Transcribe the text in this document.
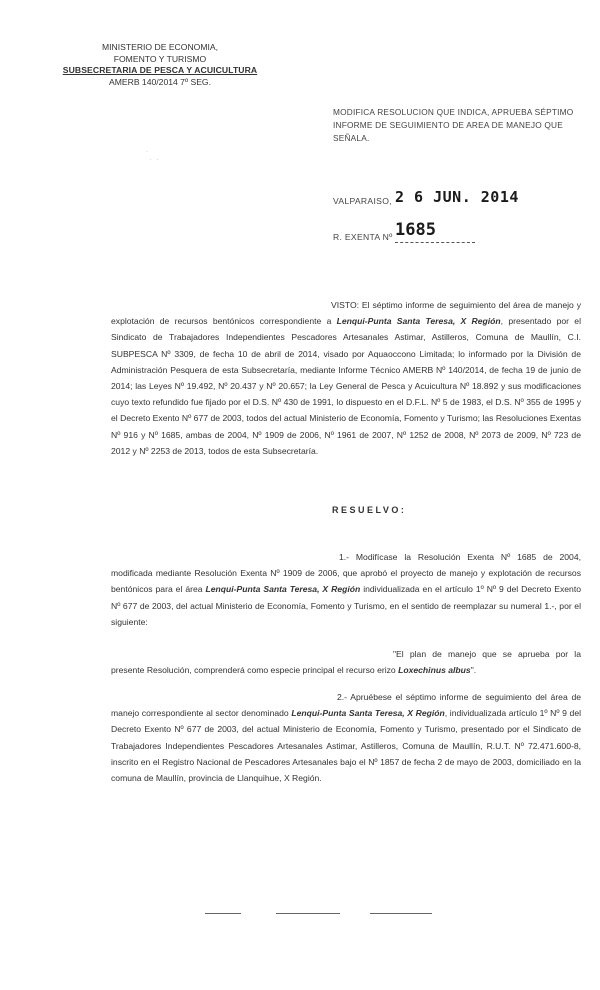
MINISTERIO DE ECONOMIA,
FOMENTO Y TURISMO
SUBSECRETARIA DE PESCA Y ACUICULTURA
AMERB 140/2014 7º SEG.
·
·   ·
MODIFICA RESOLUCION QUE INDICA, APRUEBA SÉPTIMO INFORME DE SEGUIMIENTO DE AREA DE MANEJO QUE SEÑALA.
VALPARAISO, 2 6 JUN. 2014
R. EXENTA Nº 1685
VISTO: El séptimo informe de seguimiento del área de manejo y explotación de recursos bentónicos correspondiente a Lenqui-Punta Santa Teresa, X Región, presentado por el Sindicato de Trabajadores Independientes Pescadores Artesanales Astimar, Astilleros, Comuna de Maullín, C.I. SUBPESCA Nº 3309, de fecha 10 de abril de 2014, visado por Aquaoccono Limitada; lo informado por la División de Administración Pesquera de esta Subsecretaría, mediante Informe Técnico AMERB Nº 140/2014, de fecha 19 de junio de 2014; las Leyes Nº 19.492, Nº 20.437 y Nº 20.657; la Ley General de Pesca y Acuicultura Nº 18.892 y sus modificaciones cuyo texto refundido fue fijado por el D.S. Nº 430 de 1991, lo dispuesto en el D.F.L. Nº 5 de 1983, el D.S. Nº 355 de 1995 y el Decreto Exento Nº 677 de 2003, todos del actual Ministerio de Economía, Fomento y Turismo; las Resoluciones Exentas Nº 916 y Nº 1685, ambas de 2004, Nº 1909 de 2006, Nº 1961 de 2007, Nº 1252 de 2008, Nº 2073 de 2009, Nº 723 de 2012 y Nº 2253 de 2013, todos de esta Subsecretaría.
RESUELVO:
1.- Modifícase la Resolución Exenta Nº 1685 de 2004, modificada mediante Resolución Exenta Nº 1909 de 2006, que aprobó el proyecto de manejo y explotación de recursos bentónicos para el área Lenqui-Punta Santa Teresa, X Región individualizada en el artículo 1º Nº 9 del Decreto Exento Nº 677 de 2003, del actual Ministerio de Economía, Fomento y Turismo, en el sentido de reemplazar su numeral 1.-, por el siguiente:
"El plan de manejo que se aprueba por la presente Resolución, comprenderá como especie principal el recurso erizo Loxechinus albus".
2.- Apruébese el séptimo informe de seguimiento del área de manejo correspondiente al sector denominado Lenqui-Punta Santa Teresa, X Región, individualizada artículo 1º Nº 9 del Decreto Exento Nº 677 de 2003, del actual Ministerio de Economía, Fomento y Turismo, presentado por el Sindicato de Trabajadores Independientes Pescadores Artesanales Astimar, Astilleros, Comuna de Maullín, R.U.T. Nº 72.471.600-8, inscrito en el Registro Nacional de Pescadores Artesanales bajo el Nº 1857 de fecha 2 de mayo de 2003, domiciliado en la comuna de Maullín, provincia de Llanquihue, X Región.
